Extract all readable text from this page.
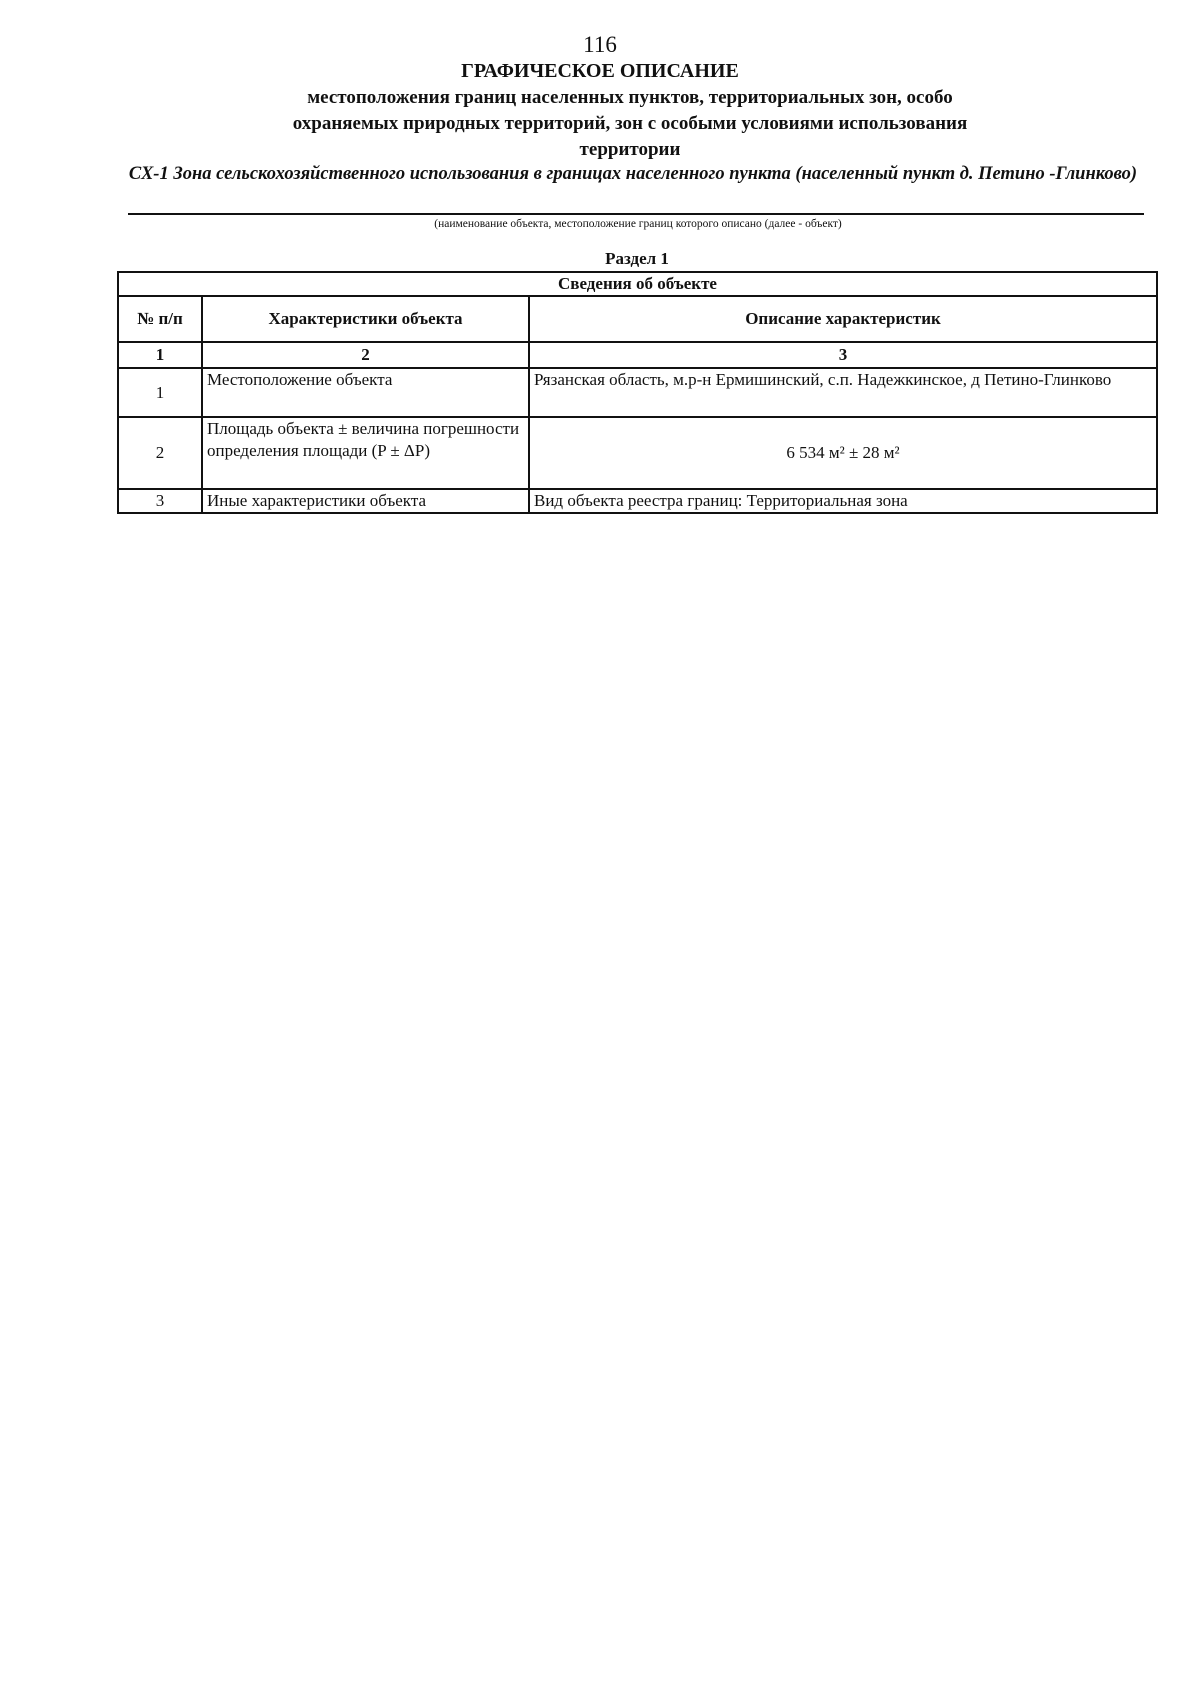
116
ГРАФИЧЕСКОЕ ОПИСАНИЕ
местоположения границ населенных пунктов, территориальных зон, особо охраняемых природных территорий, зон с особыми условиями использования территории
СХ-1 Зона сельскохозяйственного использования в границах населенного пункта (населенный пункт д. Петино -Глинково)
(наименование объекта, местоположение границ которого описано (далее - объект)
Раздел 1
Сведения об объекте		
№ п/п	Характеристики объекта	Описание характеристик
1	2	3
1	Местоположение объекта	Рязанская область, м.р-н Ермишинский, с.п. Надежкинское, д Петино-Глинково
2	Площадь объекта ± величина погрешности определения площади (P ± ΔP)	6 534 м² ± 28 м²
3	Иные характеристики объекта	Вид объекта реестра границ: Территориальная зона
